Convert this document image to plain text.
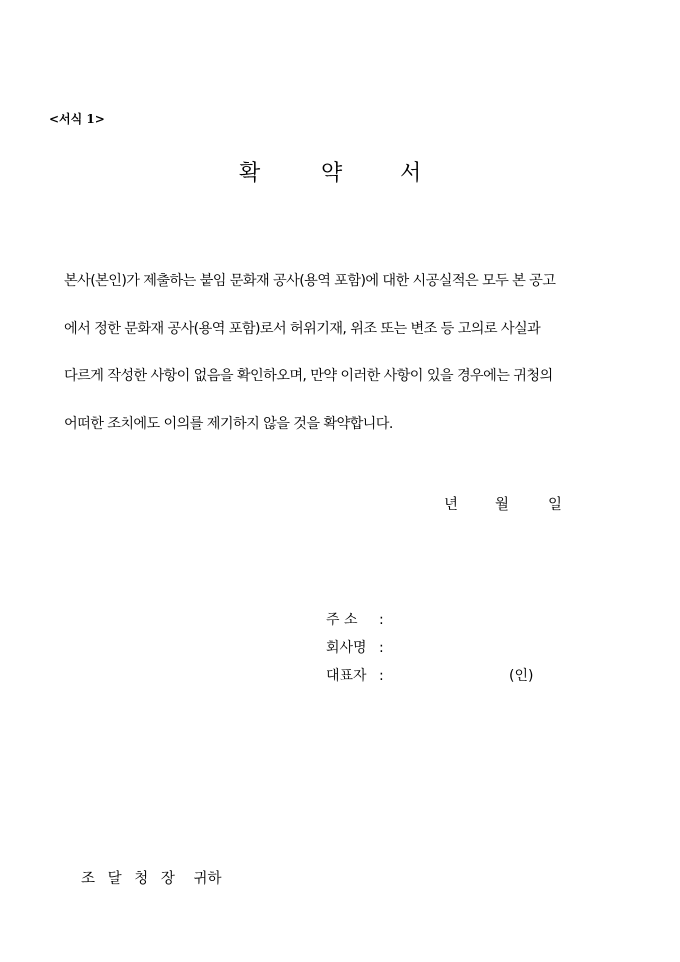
<서식 1>
확	약	서
본사(본인)가 제출하는 붙임 문화재 공사(용역 포함)에 대한 시공실적은 모두 본 공고
에서 정한 문화재 공사(용역 포함)로서 허위기재, 위조 또는 변조 등 고의로 사실과
다르게 작성한 사항이 없음을 확인하오며, 만약 이러한 사항이 있을 경우에는 귀청의
어떠한 조치에도 이의를 제기하지 않을 것을 확약합니다.
년	월	일
주 소 :
회사명 :
대표자 :	(인)
조 달 청 장 귀하
